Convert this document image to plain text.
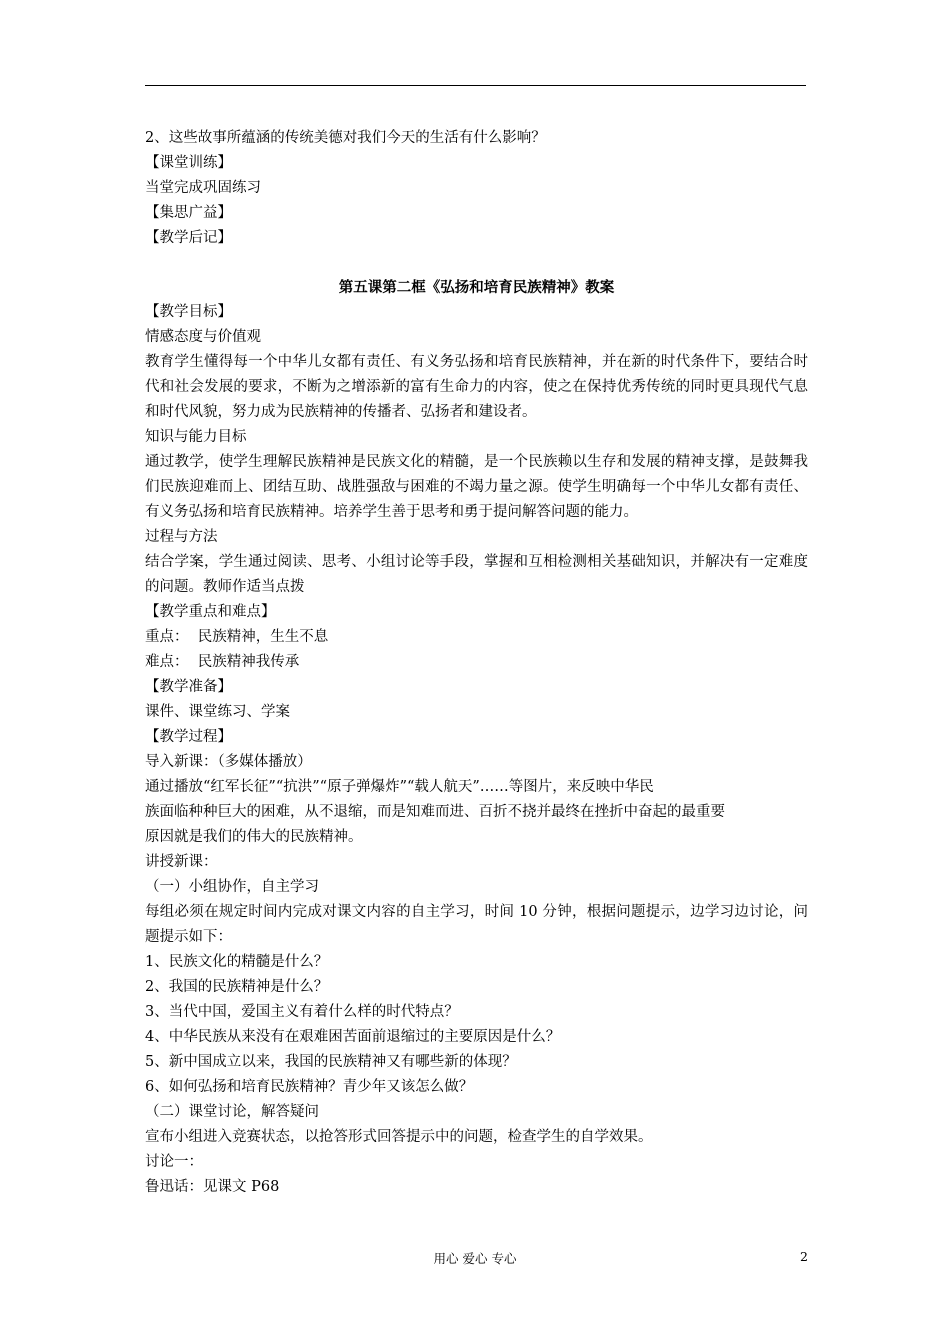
2、这些故事所蕴涵的传统美德对我们今天的生活有什么影响？
【课堂训练】
当堂完成巩固练习
【集思广益】
【教学后记】
第五课第二框《弘扬和培育民族精神》教案
【教学目标】
情感态度与价值观
教育学生懂得每一个中华儿女都有责任、有义务弘扬和培育民族精神，并在新的时代条件下，要结合时代和社会发展的要求，不断为之增添新的富有生命力的内容，使之在保持优秀传统的同时更具现代气息和时代风貌，努力成为民族精神的传播者、弘扬者和建设者。
知识与能力目标
通过教学，使学生理解民族精神是民族文化的精髓，是一个民族赖以生存和发展的精神支撑，是鼓舞我们民族迎难而上、团结互助、战胜强敌与困难的不竭力量之源。使学生明确每一个中华儿女都有责任、有义务弘扬和培育民族精神。培养学生善于思考和勇于提问解答问题的能力。
过程与方法
结合学案，学生通过阅读、思考、小组讨论等手段，掌握和互相检测相关基础知识，并解决有一定难度的问题。教师作适当点拨
【教学重点和难点】
重点：  民族精神，生生不息
难点：  民族精神我传承
【教学准备】
课件、课堂练习、学案
【教学过程】
导入新课：（多媒体播放）
通过播放“红军长征”“抗洪”“原子弹爆炸”“载人航天”……等图片，来反映中华民
族面临种种巨大的困难，从不退缩，而是知难而进、百折不挠并最终在挫折中奋起的最重要
原因就是我们的伟大的民族精神。
讲授新课：
（一）小组协作，自主学习
每组必须在规定时间内完成对课文内容的自主学习，时间 10 分钟，根据问题提示，边学习边讨论，问题提示如下：
1、民族文化的精髓是什么？
2、我国的民族精神是什么？
3、当代中国，爱国主义有着什么样的时代特点？
4、中华民族从来没有在艰难困苦面前退缩过的主要原因是什么？
5、新中国成立以来，我国的民族精神又有哪些新的体现？
6、如何弘扬和培育民族精神？青少年又该怎么做？
（二）课堂讨论，解答疑问
宣布小组进入竞赛状态，以抢答形式回答提示中的问题，检查学生的自学效果。
讨论一：
鲁迅话：见课文 P68
用心 爱心 专心	2
